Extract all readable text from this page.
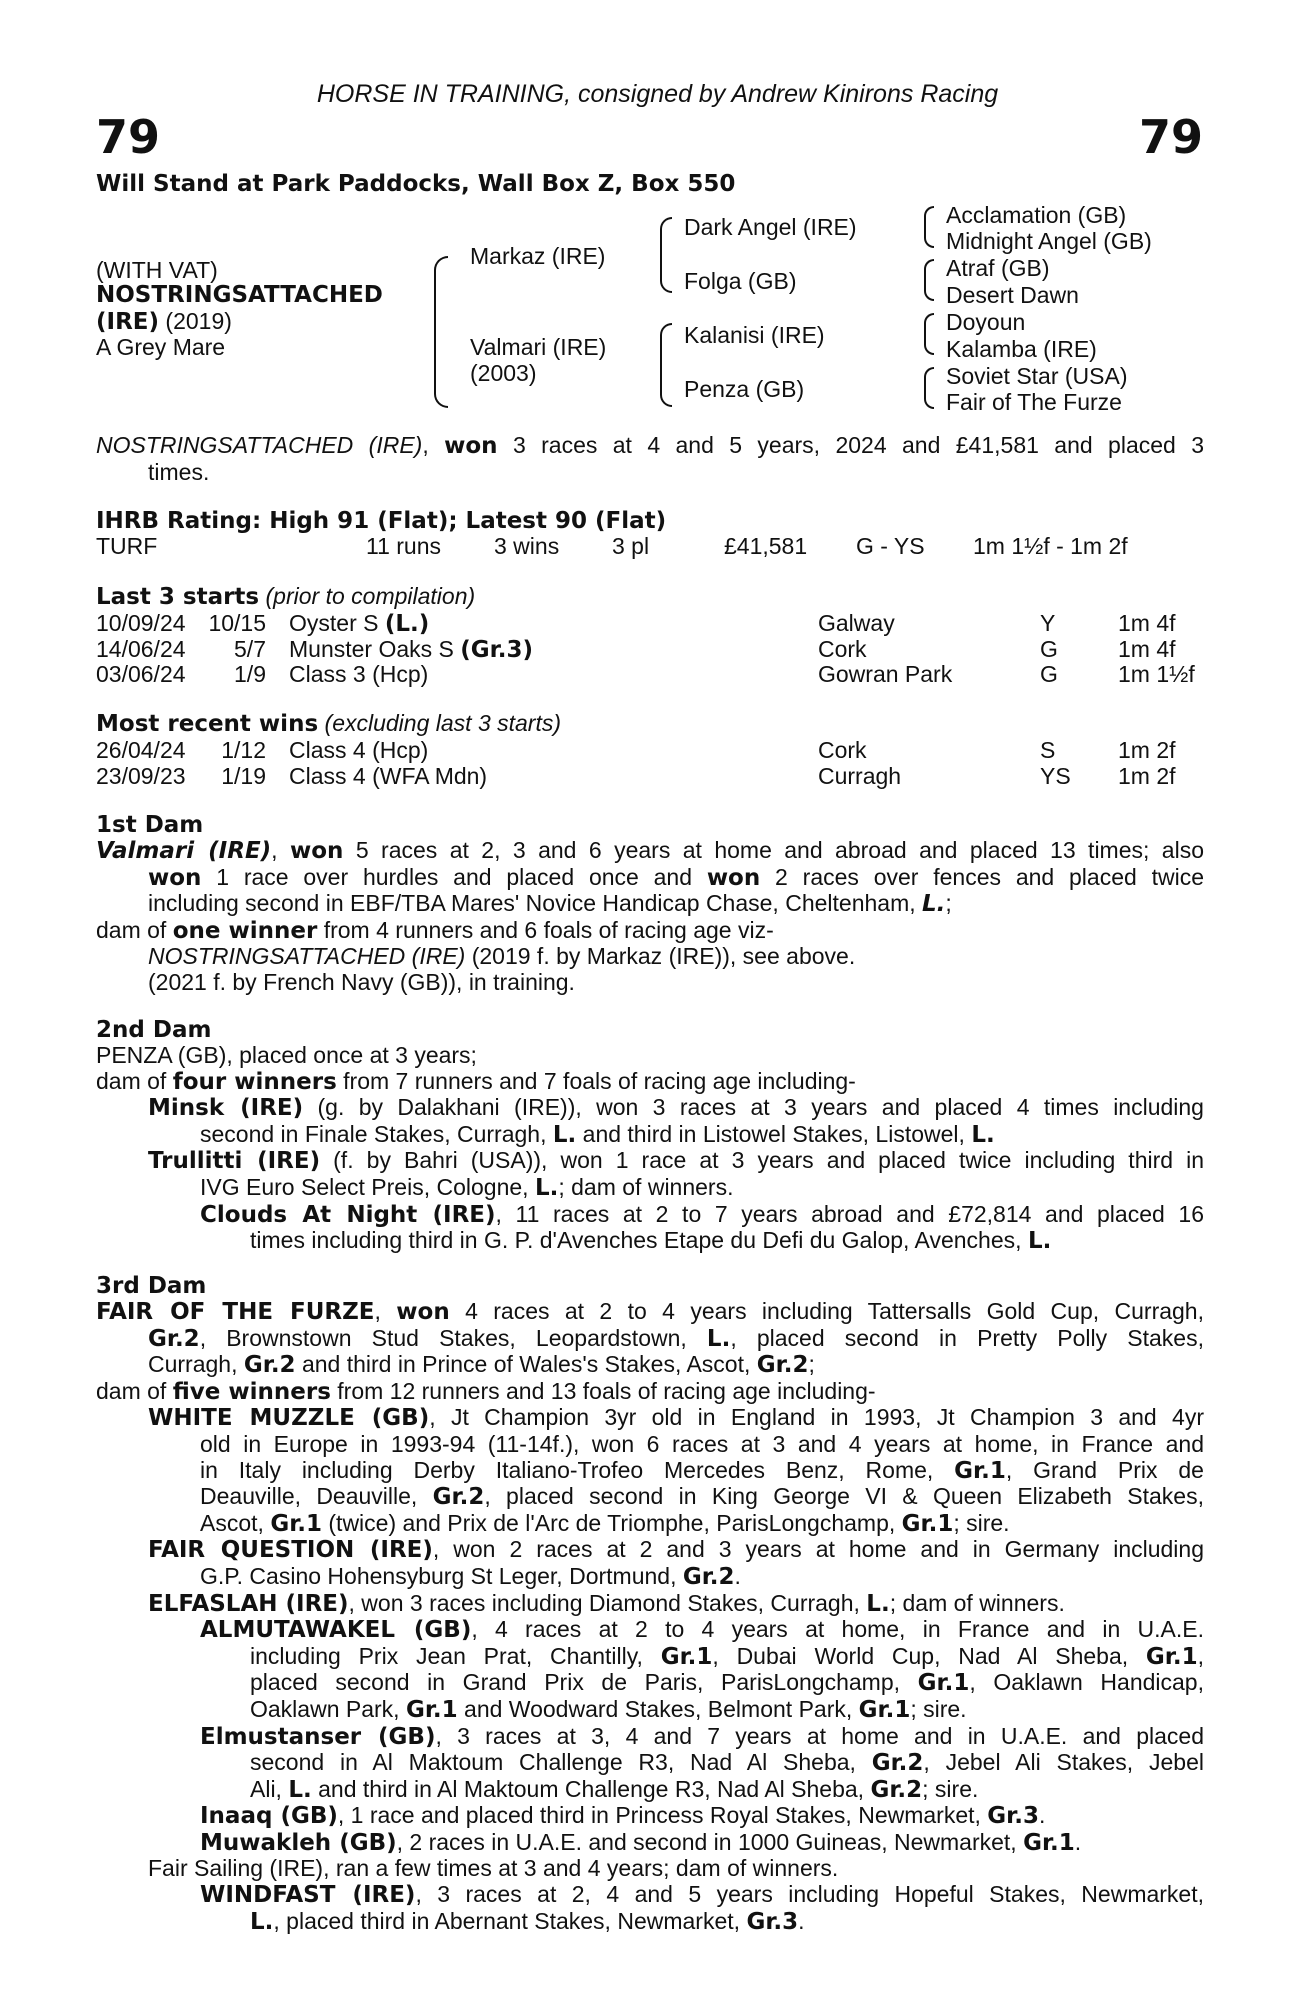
HORSE IN TRAINING, consigned by Andrew Kinirons Racing
79	79
Will Stand at Park Paddocks, Wall Box Z, Box 550
(WITH VAT)
NOSTRINGSATTACHED
(IRE) (2019)
A Grey Mare
Markaz (IRE)
Valmari (IRE)
(2003)
Dark Angel (IRE)
Folga (GB)
Kalanisi (IRE)
Penza (GB)
Acclamation (GB)
Midnight Angel (GB)
Atraf (GB)
Desert Dawn
Doyoun
Kalamba (IRE)
Soviet Star (USA)
Fair of The Furze
NOSTRINGSATTACHED (IRE), won 3 races at 4 and 5 years, 2024 and £41,581 and placed 3
times.
IHRB Rating: High 91 (Flat); Latest 90 (Flat)
TURF	11 runs 3 wins 3 pl	£41,581 G - YS 1m 1½f - 1m 2f
Last 3 starts (prior to compilation)
10/09/24 10/15 Oyster S (L.)	Galway	Y	1m 4f
14/06/24	5/7 Munster Oaks S (Gr.3)	Cork	G	1m 4f
03/06/24	1/9 Class 3 (Hcp)	Gowran Park	G	1m 1½f
Most recent wins (excluding last 3 starts)
26/04/24	1/12 Class 4 (Hcp)	Cork	S	1m 2f
23/09/23	1/19 Class 4 (WFA Mdn)	Curragh	YS 1m 2f
1st Dam
Valmari (IRE), won 5 races at 2, 3 and 6 years at home and abroad and placed 13 times; also
won 1 race over hurdles and placed once and won 2 races over fences and placed twice
including second in EBF/TBA Mares' Novice Handicap Chase, Cheltenham, L.;
dam of one winner from 4 runners and 6 foals of racing age viz-
NOSTRINGSATTACHED (IRE) (2019 f. by Markaz (IRE)), see above.
(2021 f. by French Navy (GB)), in training.
2nd Dam
PENZA (GB), placed once at 3 years;
dam of four winners from 7 runners and 7 foals of racing age including-
Minsk (IRE) (g. by Dalakhani (IRE)), won 3 races at 3 years and placed 4 times including
second in Finale Stakes, Curragh, L. and third in Listowel Stakes, Listowel, L.
Trullitti (IRE) (f. by Bahri (USA)), won 1 race at 3 years and placed twice including third in
IVG Euro Select Preis, Cologne, L.; dam of winners.
Clouds At Night (IRE), 11 races at 2 to 7 years abroad and £72,814 and placed 16
times including third in G. P. d'Avenches Etape du Defi du Galop, Avenches, L.
3rd Dam
FAIR OF THE FURZE, won 4 races at 2 to 4 years including Tattersalls Gold Cup, Curragh,
Gr.2, Brownstown Stud Stakes, Leopardstown, L., placed second in Pretty Polly Stakes,
Curragh, Gr.2 and third in Prince of Wales's Stakes, Ascot, Gr.2;
dam of five winners from 12 runners and 13 foals of racing age including-
WHITE MUZZLE (GB), Jt Champion 3yr old in England in 1993, Jt Champion 3 and 4yr
old in Europe in 1993-94 (11-14f.), won 6 races at 3 and 4 years at home, in France and
in Italy including Derby Italiano-Trofeo Mercedes Benz, Rome, Gr.1, Grand Prix de
Deauville, Deauville, Gr.2, placed second in King George VI & Queen Elizabeth Stakes,
Ascot, Gr.1 (twice) and Prix de l'Arc de Triomphe, ParisLongchamp, Gr.1; sire.
FAIR QUESTION (IRE), won 2 races at 2 and 3 years at home and in Germany including
G.P. Casino Hohensyburg St Leger, Dortmund, Gr.2.
ELFASLAH (IRE), won 3 races including Diamond Stakes, Curragh, L.; dam of winners.
ALMUTAWAKEL (GB), 4 races at 2 to 4 years at home, in France and in U.A.E.
including Prix Jean Prat, Chantilly, Gr.1, Dubai World Cup, Nad Al Sheba, Gr.1,
placed second in Grand Prix de Paris, ParisLongchamp, Gr.1, Oaklawn Handicap,
Oaklawn Park, Gr.1 and Woodward Stakes, Belmont Park, Gr.1; sire.
Elmustanser (GB), 3 races at 3, 4 and 7 years at home and in U.A.E. and placed
second in Al Maktoum Challenge R3, Nad Al Sheba, Gr.2, Jebel Ali Stakes, Jebel
Ali, L. and third in Al Maktoum Challenge R3, Nad Al Sheba, Gr.2; sire.
Inaaq (GB), 1 race and placed third in Princess Royal Stakes, Newmarket, Gr.3.
Muwakleh (GB), 2 races in U.A.E. and second in 1000 Guineas, Newmarket, Gr.1.
Fair Sailing (IRE), ran a few times at 3 and 4 years; dam of winners.
WINDFAST (IRE), 3 races at 2, 4 and 5 years including Hopeful Stakes, Newmarket,
L., placed third in Abernant Stakes, Newmarket, Gr.3.
